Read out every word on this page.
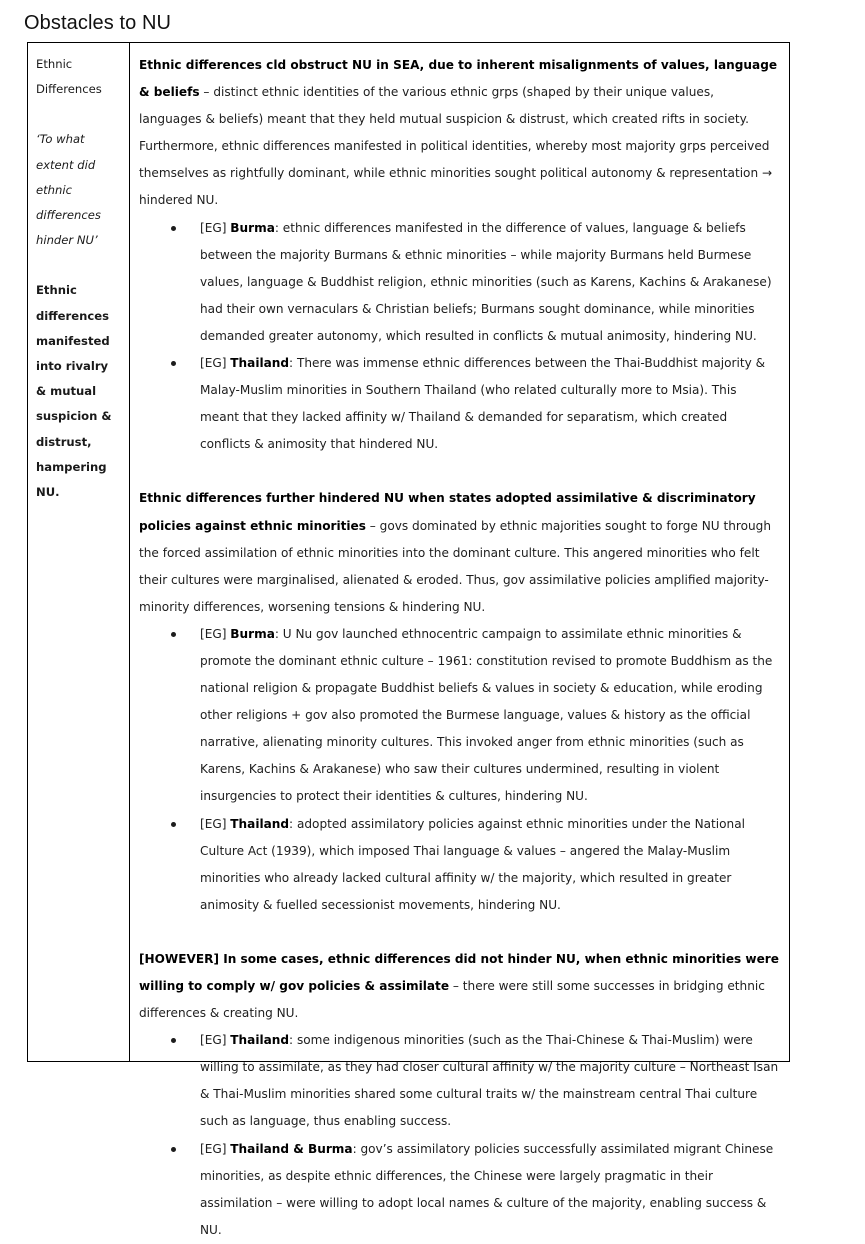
Obstacles to NU
Ethnic Differences
‘To what extent did ethnic differences hinder NU’
Ethnic differences manifested into rivalry & mutual suspicion & distrust, hampering NU.

Ethnic differences cld obstruct NU in SEA, due to inherent misalignments of values, language & beliefs – distinct ethnic identities of the various ethnic grps (shaped by their unique values, languages & beliefs) meant that they held mutual suspicion & distrust, which created rifts in society. Furthermore, ethnic differences manifested in political identities, whereby most majority grps perceived themselves as rightfully dominant, while ethnic minorities sought political autonomy & representation → hindered NU.

[EG] Burma: ethnic differences manifested in the difference of values, language & beliefs between the majority Burmans & ethnic minorities – while majority Burmans held Burmese values, language & Buddhist religion, ethnic minorities (such as Karens, Kachins & Arakanese) had their own vernaculars & Christian beliefs; Burmans sought dominance, while minorities demanded greater autonomy, which resulted in conflicts & mutual animosity, hindering NU.
[EG] Thailand: There was immense ethnic differences between the Thai-Buddhist majority & Malay-Muslim minorities in Southern Thailand (who related culturally more to Msia). This meant that they lacked affinity w/ Thailand & demanded for separatism, which created conflicts & animosity that hindered NU.

Ethnic differences further hindered NU when states adopted assimilative & discriminatory policies against ethnic minorities – govs dominated by ethnic majorities sought to forge NU through the forced assimilation of ethnic minorities into the dominant culture. This angered minorities who felt their cultures were marginalised, alienated & eroded. Thus, gov assimilative policies amplified majority-minority differences, worsening tensions & hindering NU.

[EG] Burma: U Nu gov launched ethnocentric campaign to assimilate ethnic minorities & promote the dominant ethnic culture – 1961: constitution revised to promote Buddhism as the national religion & propagate Buddhist beliefs & values in society & education, while eroding other religions + gov also promoted the Burmese language, values & history as the official narrative, alienating minority cultures. This invoked anger from ethnic minorities (such as Karens, Kachins & Arakanese) who saw their cultures undermined, resulting in violent insurgencies to protect their identities & cultures, hindering NU.
[EG] Thailand: adopted assimilatory policies against ethnic minorities under the National Culture Act (1939), which imposed Thai language & values – angered the Malay-Muslim minorities who already lacked cultural affinity w/ the majority, which resulted in greater animosity & fuelled secessionist movements, hindering NU.

[HOWEVER] In some cases, ethnic differences did not hinder NU, when ethnic minorities were willing to comply w/ gov policies & assimilate – there were still some successes in bridging ethnic differences & creating NU.

[EG] Thailand: some indigenous minorities (such as the Thai-Chinese & Thai-Muslim) were willing to assimilate, as they had closer cultural affinity w/ the majority culture – Northeast Isan & Thai-Muslim minorities shared some cultural traits w/ the mainstream central Thai culture such as language, thus enabling success.
[EG] Thailand & Burma: gov’s assimilatory policies successfully assimilated migrant Chinese minorities, as despite ethnic differences, the Chinese were largely pragmatic in their assimilation – were willing to adopt local names & culture of the majority, enabling success & NU.
